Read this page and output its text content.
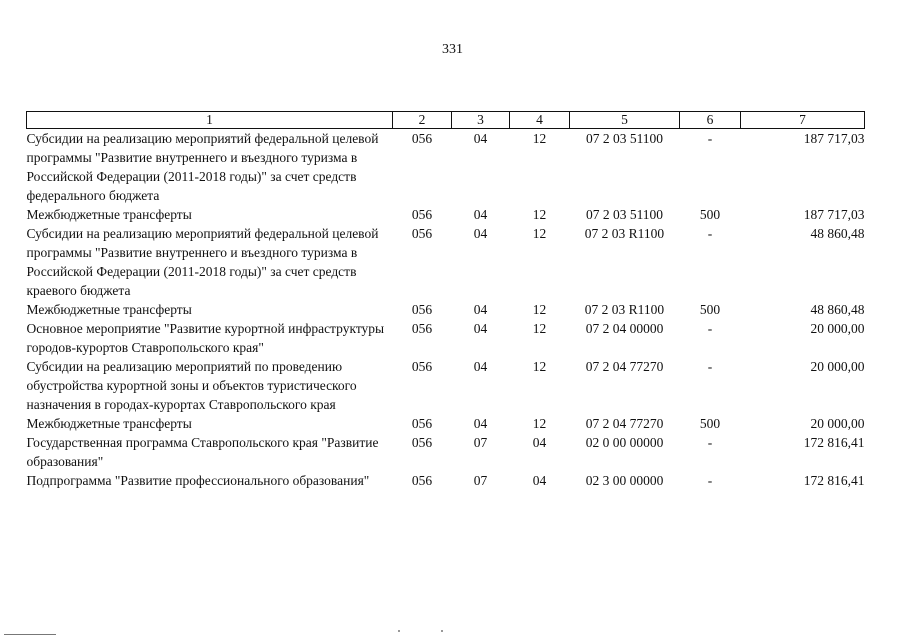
331
1	2	3	4	5	6	7
Субсидии на реализацию мероприятий федеральной целевой программы "Развитие внутреннего и въездного туризма в Российской Федерации (2011-2018 годы)" за счет средств федерального бюджета	056	04	12	07 2 03 51100	-	187 717,03
Межбюджетные трансферты	056	04	12	07 2 03 51100	500	187 717,03
Субсидии на реализацию мероприятий федеральной целевой программы "Развитие внутреннего и въездного туризма в Российской Федерации (2011-2018 годы)" за счет средств краевого бюджета	056	04	12	07 2 03 R1100	-	48 860,48
Межбюджетные трансферты	056	04	12	07 2 03 R1100	500	48 860,48
Основное мероприятие "Развитие курортной инфраструктуры городов-курортов Ставропольского края"	056	04	12	07 2 04 00000	-	20 000,00
Субсидии на реализацию мероприятий по проведению обустройства курортной зоны и объектов туристического назначения в городах-курортах Ставропольского края	056	04	12	07 2 04 77270	-	20 000,00
Межбюджетные трансферты	056	04	12	07 2 04 77270	500	20 000,00
Государственная программа Ставропольского края "Развитие образования"	056	07	04	02 0 00 00000	-	172 816,41
Подпрограмма "Развитие профессионального образования"	056	07	04	02 3 00 00000	-	172 816,41
